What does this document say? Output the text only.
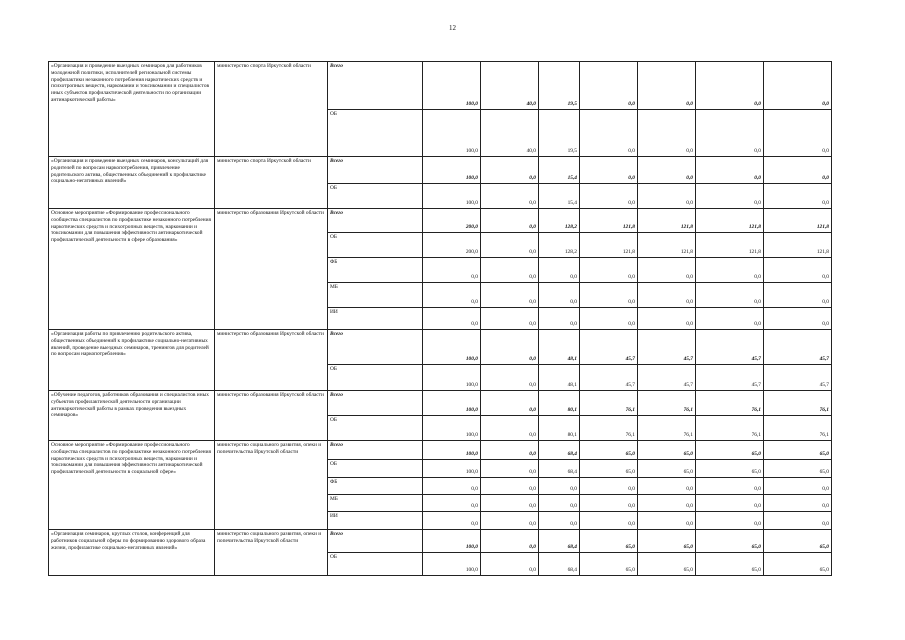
12
«Организация и проведение выездных семинаров для работников молодежной политики, исполнителей региональной системы профилактики незаконного потребления наркотических средств и психотропных веществ, наркомании и токсикомании и специалистов иных субъектов профилактической деятельности по организации антинаркотической работы»	министерство спорта Иркутской области	Всего	100,0	40,0	19,5	0,0	0,0	0,0	0,0
		ОБ	100,0	40,0	19,5	0,0	0,0	0,0	0,0
«Организация и проведение выездных семинаров, консультаций для родителей по вопросам наркопотребления, привлечение родительского актива, общественных объединений к профилактике социально-негативных явлений»	министерство спорта Иркутской области	Всего	100,0	0,0	15,4	0,0	0,0	0,0	0,0
		ОБ	100,0	0,0	15,4	0,0	0,0	0,0	0,0
Основное мероприятие «Формирование профессионального сообщества специалистов по профилактике незаконного потребления наркотических средств и психотропных веществ, наркомании и токсикомании для повышения эффективности антинаркотической профилактической деятельности в сфере образования»	министерство образования Иркутской области	Всего	200,0	0,0	128,2	121,8	121,8	121,8	121,8
		ОБ	200,0	0,0	128,2	121,8	121,8	121,8	121,8
		ФБ	0,0	0,0	0,0	0,0	0,0	0,0	0,0
		МБ	0,0	0,0	0,0	0,0	0,0	0,0	0,0
		ИИ	0,0	0,0	0,0	0,0	0,0	0,0	0,0
«Организация работы по привлечению родительского актива, общественных объединений к профилактике социально-негативных явлений, проведение выездных семинаров, тренингов для родителей по вопросам наркопотребления»	министерство образования Иркутской области	Всего	100,0	0,0	48,1	45,7	45,7	45,7	45,7
		ОБ	100,0	0,0	48,1	45,7	45,7	45,7	45,7
«Обучение педагогов, работников образования и специалистов иных субъектов профилактической деятельности организации антинаркотической работы в рамках проведения выездных семинаров»	министерство образования Иркутской области	Всего	100,0	0,0	80,1	76,1	76,1	76,1	76,1
		ОБ	100,0	0,0	80,1	76,1	76,1	76,1	76,1
Основное мероприятие «Формирование профессионального сообщества специалистов по профилактике незаконного потребления наркотических средств и психотропных веществ, наркомании и токсикомании для повышения эффективности антинаркотической профилактической деятельности в социальной сфере»	министерство социального развития, опеки и попечительства Иркутской области	Всего	100,0	0,0	68,4	65,0	65,0	65,0	65,0
		ОБ	100,0	0,0	68,4	65,0	65,0	65,0	65,0
		ФБ	0,0	0,0	0,0	0,0	0,0	0,0	0,0
		МБ	0,0	0,0	0,0	0,0	0,0	0,0	0,0
		ИИ	0,0	0,0	0,0	0,0	0,0	0,0	0,0
«Организация семинаров, круглых столов, конференций для работников социальной сферы по формированию здорового образа жизни, профилактике социально-негативных явлений»	министерство социального развития, опеки и попечительства Иркутской области	Всего	100,0	0,0	68,4	65,0	65,0	65,0	65,0
		ОБ	100,0	0,0	68,4	65,0	65,0	65,0	65,0
